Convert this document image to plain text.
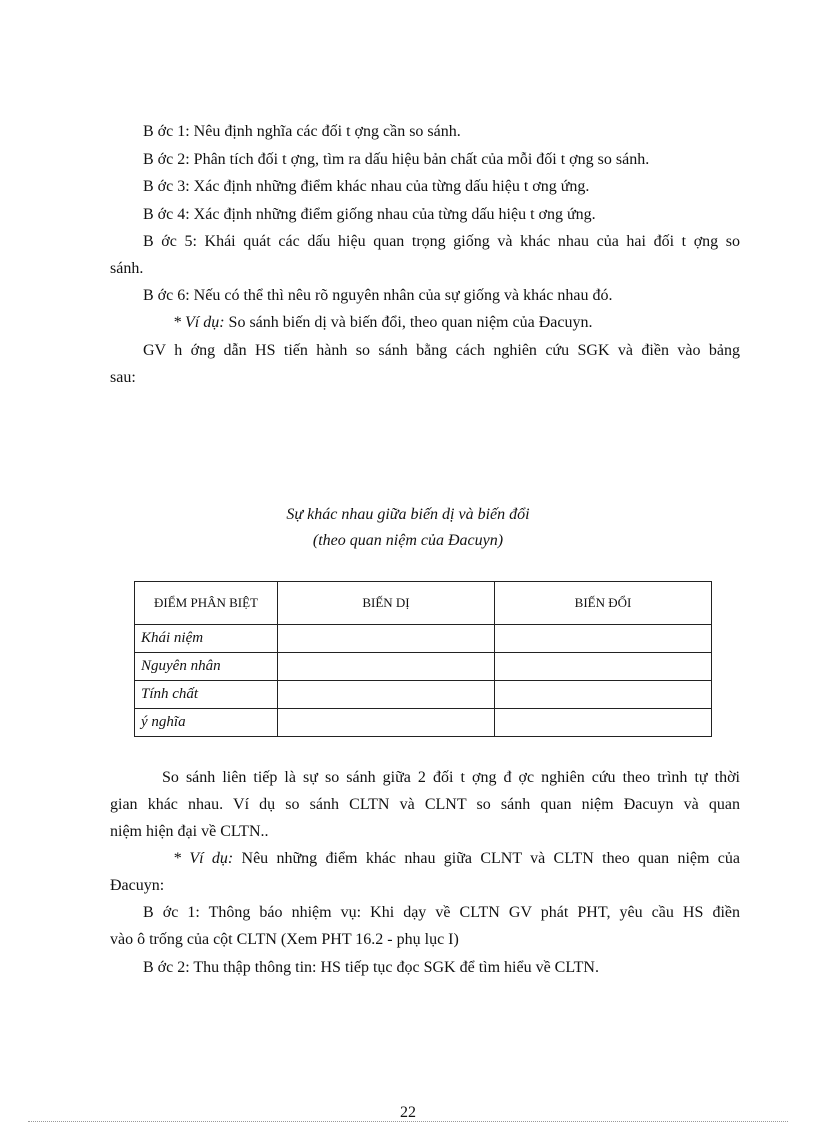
B ớc 1: Nêu định nghĩa các đối t ợng cần so sánh.

B ớc 2: Phân tích đối t ợng, tìm ra dấu hiệu bản chất của mỗi đối t ợng so sánh.

B ớc 3: Xác định những điểm khác nhau của từng dấu hiệu t ơng ứng.

B ớc 4: Xác định những điểm giống nhau của từng dấu hiệu t ơng ứng.

B ớc 5: Khái quát các dấu hiệu quan trọng giống và khác nhau của hai đối t ợng so

sánh.

B ớc 6: Nếu có thể thì nêu rõ nguyên nhân của sự giống và khác nhau đó.

* Ví dụ: So sánh biến dị và biến đổi, theo quan niệm của Đacuyn.

GV h ớng dẫn HS tiến hành so sánh bằng cách nghiên cứu SGK và điền vào bảng

sau:

Sự khác nhau giữa biến dị và biến đổi
(theo quan niệm của Đacuyn)
ĐIỂM PHÂN BIỆT	BIẾN DỊ	BIẾN ĐỔI
Khái niệm		
Nguyên nhân		
Tính chất		
ý nghĩa		

So sánh liên tiếp là sự so sánh giữa 2 đối t ợng đ ợc nghiên cứu theo trình tự thời

gian khác nhau. Ví dụ so sánh CLTN và CLNT so sánh quan niệm Đacuyn và quan

niệm hiện đại về CLTN..

* Ví dụ: Nêu những điểm khác nhau giữa CLNT và CLTN theo quan niệm của

Đacuyn:

B ớc 1: Thông báo nhiệm vụ: Khi dạy về CLTN GV phát PHT, yêu cầu HS điền

vào ô trống của cột CLTN (Xem PHT 16.2 - phụ lục I)

B ớc 2: Thu thập thông tin: HS tiếp tục đọc SGK để tìm hiểu về CLTN.

22
